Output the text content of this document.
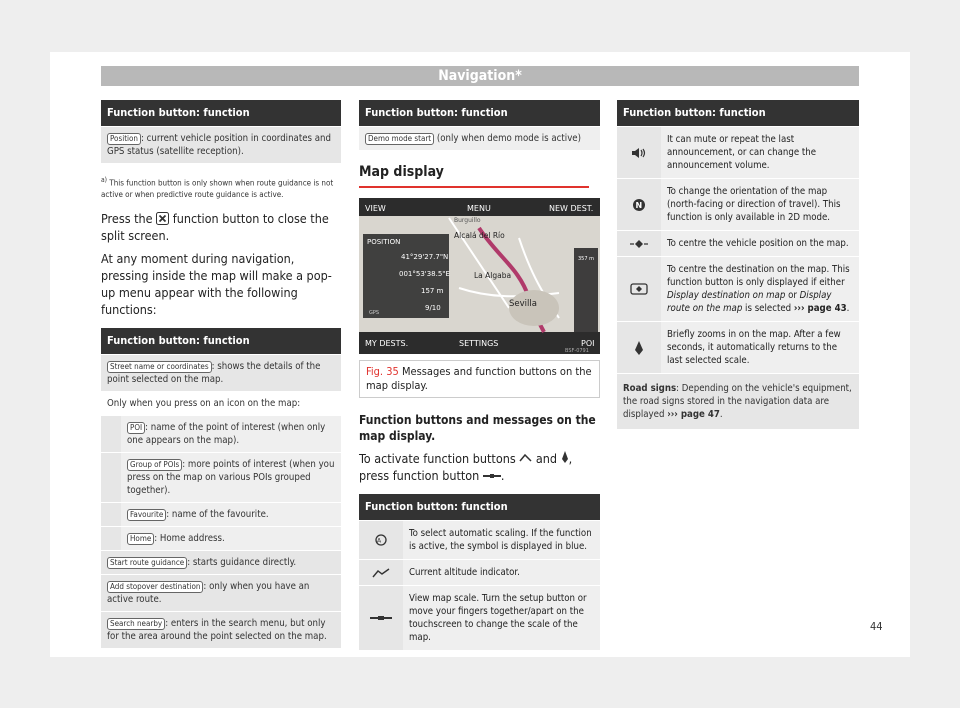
Navigation*
Function button: function
Position : current vehicle position in coordinates and GPS status (satellite reception).
$^{a)}$ This function button is only shown when route guidance is not active or when predictive route guidance is active.
Press the function button to close the split screen.
At any moment during navigation, pressing inside the map will make a pop-up menu appear with the following functions:
Function button: function
Street name or coordinates : shows the details of the point selected on the map.
Only when you press on an icon on the map:
POI : name of the point of interest (when only one appears on the map).
Group of POIs : more points of interest (when you press on the map on various POIs grouped together).
Favourite : name of the favourite.
Home : Home address.
Start route guidance : starts guidance directly.
Add stopover destination : only when you have an active route.
Search nearby : enters in the search menu, but only for the area around the point selected on the map.
Function button: function
Demo mode start (only when demo mode is active)
Map display
VIEW	MENU	NEW DEST.
POSITION
41°29'27.7"N
001°53'38.5"E
157 m
9/10
GPS
Alcalá del Río
La Algaba
Sevilla
Burguillo
357 m
MY DESTS.	SETTINGS	POI
BSF-0791
Fig. 35 Messages and function buttons on the map display.
Function buttons and messages on the map display.
To activate function buttons and , press function button .
Function button: function
A
To select automatic scaling. If the function is active, the symbol is displayed in blue.
Current altitude indicator.
View map scale. Turn the setup button or move your fingers together/apart on the touchscreen to change the scale of the map.
Function button: function
It can mute or repeat the last announcement, or can change the announcement volume.
N
To change the orientation of the map (north-facing or direction of travel). This function is only available in 2D mode.
To centre the vehicle position on the map.
To centre the destination on the map. This function button is only displayed if either Display destination on map or Display route on the map is selected ››› page 43.
Briefly zooms in on the map. After a few seconds, it automatically returns to the last selected scale.
Road signs: Depending on the vehicle's equipment, the road signs stored in the navigation data are displayed ››› page 47.
44
